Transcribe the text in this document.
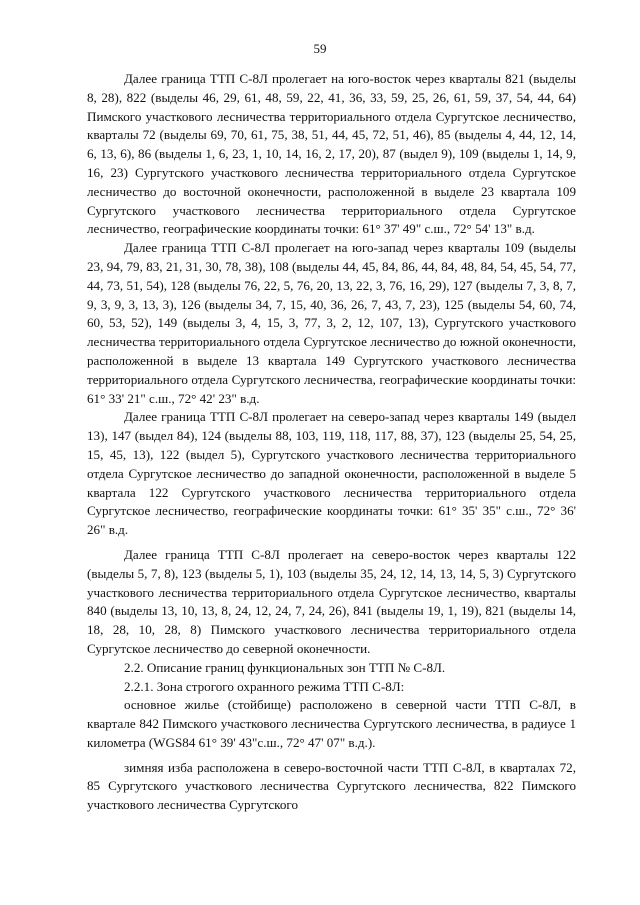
59

Далее граница ТТП С-8Л пролегает на юго-восток через кварталы 821 (выделы 8, 28), 822 (выделы 46, 29, 61, 48, 59, 22, 41, 36, 33, 59, 25, 26, 61, 59, 37, 54, 44, 64) Пимского участкового лесничества территориального отдела Сургутское лесничество, кварталы 72 (выделы 69, 70, 61, 75, 38, 51, 44, 45, 72, 51, 46), 85 (выделы 4, 44, 12, 14, 6, 13, 6), 86 (выделы 1, 6, 23, 1, 10, 14, 16, 2, 17, 20), 87 (выдел 9), 109 (выделы 1, 14, 9, 16, 23) Сургутского участкового лесничества территориального отдела Сургутское лесничество до восточной оконечности, расположенной в выделе 23 квартала 109 Сургутского участкового лесничества территориального отдела Сургутское лесничество, географические координаты точки: 61° 37' 49" с.ш., 72° 54' 13" в.д.

Далее граница ТТП С-8Л пролегает на юго-запад через кварталы 109 (выделы 23, 94, 79, 83, 21, 31, 30, 78, 38), 108 (выделы 44, 45, 84, 86, 44, 84, 48, 84, 54, 45, 54, 77, 44, 73, 51, 54), 128 (выделы 76, 22, 5, 76, 20, 13, 22, 3, 76, 16, 29), 127 (выделы 7, 3, 8, 7, 9, 3, 9, 3, 13, 3), 126 (выделы 34, 7, 15, 40, 36, 26, 7, 43, 7, 23), 125 (выделы 54, 60, 74, 60, 53, 52), 149 (выделы 3, 4, 15, 3, 77, 3, 2, 12, 107, 13), Сургутского участкового лесничества территориального отдела Сургутское лесничество до южной оконечности, расположенной в выделе 13 квартала 149 Сургутского участкового лесничества территориального отдела Сургутского лесничества, географические координаты точки: 61° 33' 21" с.ш., 72° 42' 23" в.д.

Далее граница ТТП С-8Л пролегает на северо-запад через кварталы 149 (выдел 13), 147 (выдел 84), 124 (выделы 88, 103, 119, 118, 117, 88, 37), 123 (выделы 25, 54, 25, 15, 45, 13), 122 (выдел 5), Сургутского участкового лесничества территориального отдела Сургутское лесничество до западной оконечности, расположенной в выделе 5 квартала 122 Сургутского участкового лесничества территориального отдела Сургутское лесничество, географические координаты точки: 61° 35' 35" с.ш., 72° 36' 26" в.д.

Далее граница ТТП С-8Л пролегает на северо-восток через кварталы 122 (выделы 5, 7, 8), 123 (выделы 5, 1), 103 (выделы 35, 24, 12, 14, 13, 14, 5, 3) Сургутского участкового лесничества территориального отдела Сургутское лесничество, кварталы 840 (выделы 13, 10, 13, 8, 24, 12, 24, 7, 24, 26), 841 (выделы 19, 1, 19), 821 (выделы 14, 18, 28, 10, 28, 8) Пимского участкового лесничества территориального отдела Сургутское лесничество до северной оконечности.

2.2. Описание границ функциональных зон ТТП № С-8Л.

2.2.1. Зона строгого охранного режима ТТП С-8Л:

основное жилье (стойбище) расположено в северной части ТТП С-8Л, в квартале 842 Пимского участкового лесничества Сургутского лесничества, в радиусе 1 километра (WGS84 61° 39' 43"с.ш., 72° 47' 07" в.д.).

зимняя изба расположена в северо-восточной части ТТП С-8Л, в кварталах 72, 85 Сургутского участкового лесничества Сургутского лесничества, 822 Пимского участкового лесничества Сургутского
